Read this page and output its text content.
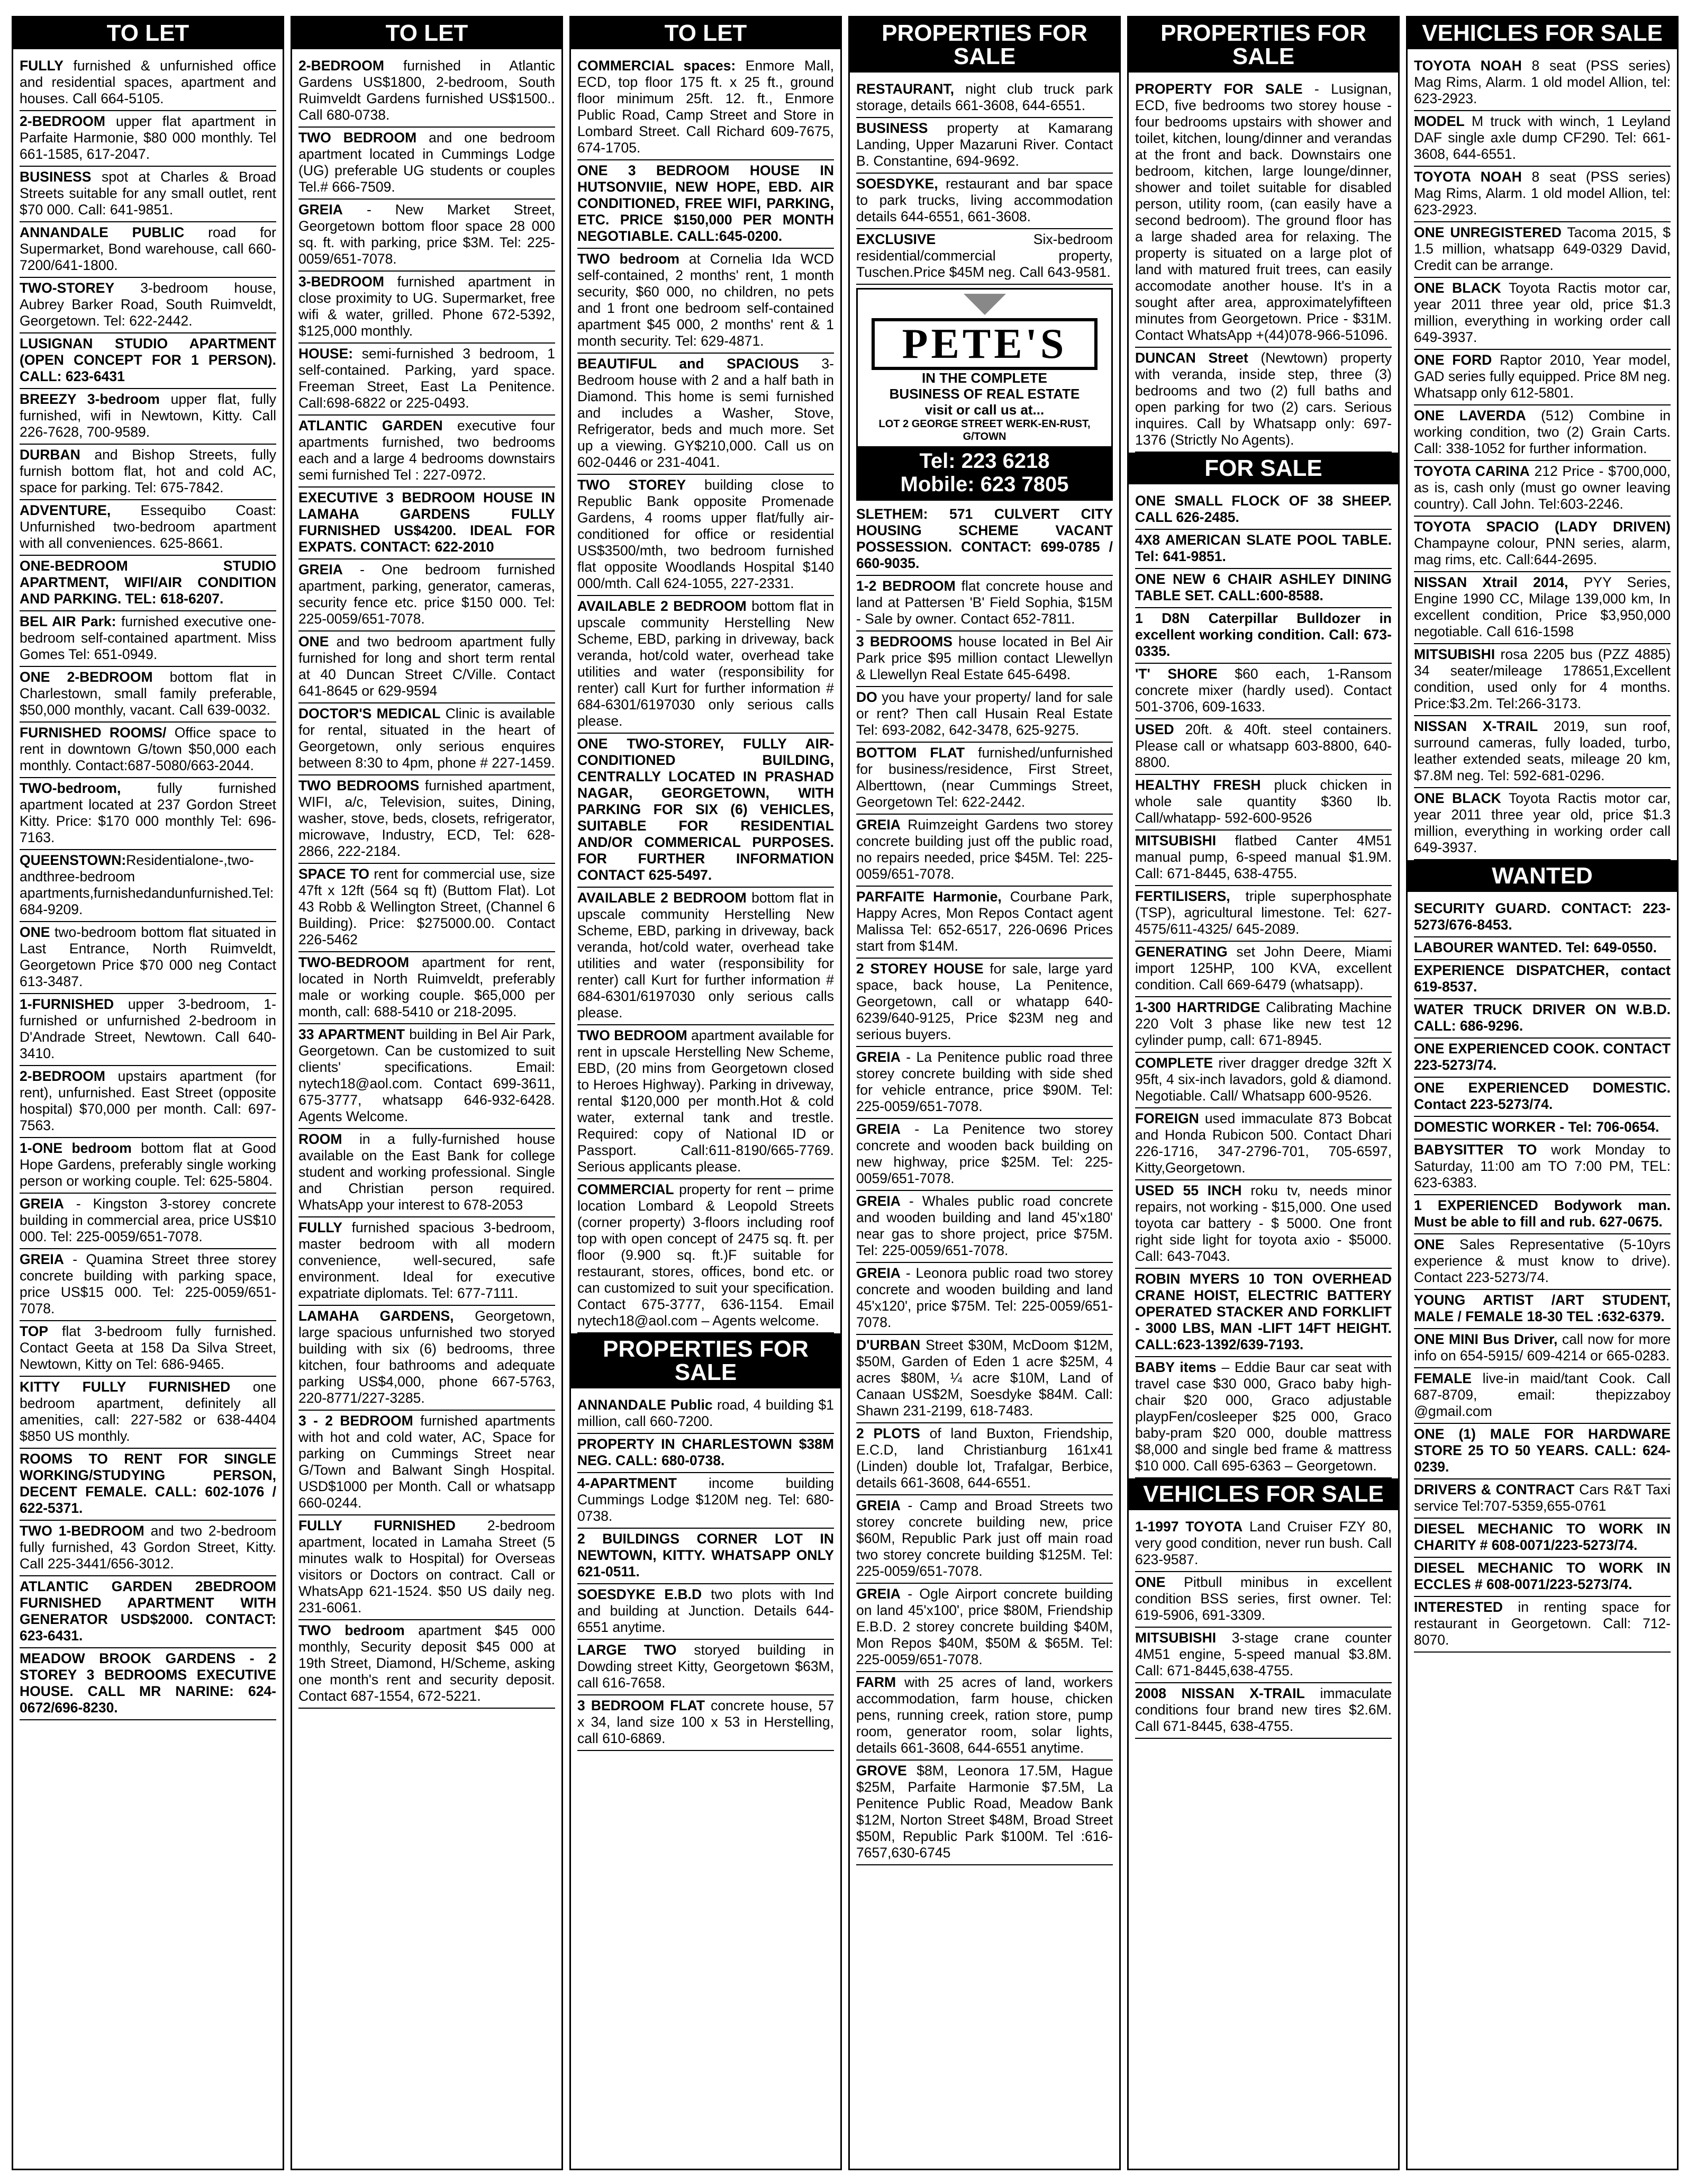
TO LET

FULLY furnished & unfurnished office and residential spaces, apartment and houses. Call 664-5105.

2-BEDROOM upper flat apartment in Parfaite Harmonie, $80 000 monthly. Tel 661-1585, 617-2047.

BUSINESS spot at Charles & Broad Streets suitable for any small outlet, rent $70 000. Call: 641-9851.

ANNANDALE PUBLIC road for Supermarket, Bond warehouse, call 660-7200/641-1800.

TWO-STOREY 3-bedroom house, Aubrey Barker Road, South Ruimveldt, Georgetown. Tel: 622-2442.

LUSIGNAN STUDIO APARTMENT (OPEN CONCEPT FOR 1 PERSON). CALL: 623-6431

BREEZY 3-bedroom upper flat, fully furnished, wifi in Newtown, Kitty. Call 226-7628, 700-9589.

DURBAN and Bishop Streets, fully furnish bottom flat, hot and cold AC, space for parking. Tel: 675-7842.

ADVENTURE, Essequibo Coast: Unfurnished two-bedroom apartment with all conveniences. 625-8661.

ONE-BEDROOM STUDIO APARTMENT, WIFI/AIR CONDITION AND PARKING. TEL: 618-6207.

BEL AIR Park: furnished executive one-bedroom self-contained apartment. Miss Gomes Tel: 651-0949.

ONE 2-BEDROOM bottom flat in Charlestown, small family preferable, $50,000 monthly, vacant. Call 639-0032.

FURNISHED ROOMS/ Office space to rent in downtown G/town $50,000 each monthly. Contact:687-5080/663-2044.

TWO-bedroom, fully furnished apartment located at 237 Gordon Street Kitty. Price: $170 000 monthly Tel: 696-7163.

QUEENSTOWN:Residentialone-,two-andthree-bedroom apartments,furnishedandunfurnished.Tel: 684-9209.

ONE two-bedroom bottom flat situated in Last Entrance, North Ruimveldt, Georgetown Price $70 000 neg Contact 613-3487.

1-FURNISHED upper 3-bedroom, 1-furnished or unfurnished 2-bedroom in D'Andrade Street, Newtown. Call 640-3410.

2-BEDROOM upstairs apartment (for rent), unfurnished. East Street (opposite hospital) $70,000 per month. Call: 697-7563.

1-ONE bedroom bottom flat at Good Hope Gardens, preferably single working person or working couple. Tel: 625-5804.

GREIA - Kingston 3-storey concrete building in commercial area, price US$10 000. Tel: 225-0059/651-7078.

GREIA - Quamina Street three storey concrete building with parking space, price US$15 000. Tel: 225-0059/651-7078.

TOP flat 3-bedroom fully furnished. Contact Geeta at 158 Da Silva Street, Newtown, Kitty on Tel: 686-9465.

KITTY FULLY FURNISHED one bedroom apartment, definitely all amenities, call: 227-582 or 638-4404 $850 US monthly.

ROOMS TO RENT FOR SINGLE WORKING/STUDYING PERSON, DECENT FEMALE. CALL: 602-1076 / 622-5371.

TWO 1-BEDROOM and two 2-bedroom fully furnished, 43 Gordon Street, Kitty. Call 225-3441/656-3012.

ATLANTIC GARDEN 2BEDROOM FURNISHED APARTMENT WITH GENERATOR USD$2000. CONTACT: 623-6431.

MEADOW BROOK GARDENS - 2 STOREY 3 BEDROOMS EXECUTIVE HOUSE. CALL MR NARINE: 624-0672/696-8230.

TO LET

2-BEDROOM furnished in Atlantic Gardens US$1800, 2-bedroom, South Ruimveldt Gardens furnished US$1500.. Call 680-0738.

TWO BEDROOM and one bedroom apartment located in Cummings Lodge (UG) preferable UG students or couples Tel.# 666-7509.

GREIA - New Market Street, Georgetown bottom floor space 28 000 sq. ft. with parking, price $3M. Tel: 225-0059/651-7078.

3-BEDROOM furnished apartment in close proximity to UG. Supermarket, free wifi & water, grilled. Phone 672-5392, $125,000 monthly.

HOUSE: semi-furnished 3 bedroom, 1 self-contained. Parking, yard space. Freeman Street, East La Penitence. Call:698-6822 or 225-0493.

ATLANTIC GARDEN executive four apartments furnished, two bedrooms each and a large 4 bedrooms downstairs semi furnished Tel : 227-0972.

EXECUTIVE 3 BEDROOM HOUSE IN LAMAHA GARDENS FULLY FURNISHED US$4200. IDEAL FOR EXPATS. CONTACT: 622-2010

GREIA - One bedroom furnished apartment, parking, generator, cameras, security fence etc. price $150 000. Tel: 225-0059/651-7078.

ONE and two bedroom apartment fully furnished for long and short term rental at 40 Duncan Street C/Ville. Contact 641-8645 or 629-9594

DOCTOR'S MEDICAL Clinic is available for rental, situated in the heart of Georgetown, only serious enquires between 8:30 to 4pm, phone # 227-1459.

TWO BEDROOMS furnished apartment, WIFI, a/c, Television, suites, Dining, washer, stove, beds, closets, refrigerator, microwave, Industry, ECD, Tel: 628-2866, 222-2184.

SPACE TO rent for commercial use, size 47ft x 12ft (564 sq ft) (Buttom Flat). Lot 43 Robb & Wellington Street, (Channel 6 Building). Price: $275000.00. Contact 226-5462

TWO-BEDROOM apartment for rent, located in North Ruimveldt, preferably male or working couple. $65,000 per month, call: 688-5410 or 218-2095.

33 APARTMENT building in Bel Air Park, Georgetown. Can be customized to suit clients' specifications. Email: nytech18@aol.com. Contact 699-3611, 675-3777, whatsapp 646-932-6428. Agents Welcome.

ROOM in a fully-furnished house available on the East Bank for college student and working professional. Single and Christian person required. WhatsApp your interest to 678-2053

FULLY furnished spacious 3-bedroom, master bedroom with all modern convenience, well-secured, safe environment. Ideal for executive expatriate diplomats. Tel: 677-7111.

LAMAHA GARDENS, Georgetown, large spacious unfurnished two storyed building with six (6) bedrooms, three kitchen, four bathrooms and adequate parking US$4,000, phone 667-5763, 220-8771/227-3285.

3 - 2 BEDROOM furnished apartments with hot and cold water, AC, Space for parking on Cummings Street near G/Town and Balwant Singh Hospital. USD$1000 per Month. Call or whatsapp 660-0244.

FULLY FURNISHED 2-bedroom apartment, located in Lamaha Street (5 minutes walk to Hospital) for Overseas visitors or Doctors on contract. Call or WhatsApp 621-1524. $50 US daily neg. 231-6061.

TWO bedroom apartment $45 000 monthly, Security deposit $45 000 at 19th Street, Diamond, H/Scheme, asking one month's rent and security deposit. Contact 687-1554, 672-5221.

TO LET

COMMERCIAL spaces: Enmore Mall, ECD, top floor 175 ft. x 25 ft., ground floor minimum 25ft. 12. ft., Enmore Public Road, Camp Street and Store in Lombard Street. Call Richard 609-7675, 674-1705.

ONE 3 BEDROOM HOUSE IN HUTSONVIIE, NEW HOPE, EBD. AIR CONDITIONED, FREE WIFI, PARKING, ETC. PRICE $150,000 PER MONTH NEGOTIABLE. CALL:645-0200.

TWO bedroom at Cornelia Ida WCD self-contained, 2 months' rent, 1 month security, $60 000, no children, no pets and 1 front one bedroom self-contained apartment $45 000, 2 months' rent & 1 month security. Tel: 629-4871.

BEAUTIFUL and SPACIOUS 3-Bedroom house with 2 and a half bath in Diamond. This home is semi furnished and includes a Washer, Stove, Refrigerator, beds and much more. Set up a viewing. GY$210,000. Call us on 602-0446 or 231-4041.

TWO STOREY building close to Republic Bank opposite Promenade Gardens, 4 rooms upper flat/fully air-conditioned for office or residential US$3500/mth, two bedroom furnished flat opposite Woodlands Hospital $140 000/mth. Call 624-1055, 227-2331.

AVAILABLE 2 BEDROOM bottom flat in upscale community Herstelling New Scheme, EBD, parking in driveway, back veranda, hot/cold water, overhead take utilities and water (responsibility for renter) call Kurt for further information # 684-6301/6197030 only serious calls please.

ONE TWO-STOREY, FULLY AIR-CONDITIONED BUILDING, CENTRALLY LOCATED IN PRASHAD NAGAR, GEORGETOWN, WITH PARKING FOR SIX (6) VEHICLES, SUITABLE FOR RESIDENTIAL AND/OR COMMERICAL PURPOSES. FOR FURTHER INFORMATION CONTACT 625-5497.

AVAILABLE 2 BEDROOM bottom flat in upscale community Herstelling New Scheme, EBD, parking in driveway, back veranda, hot/cold water, overhead take utilities and water (responsibility for renter) call Kurt for further information # 684-6301/6197030 only serious calls please.

TWO BEDROOM apartment available for rent in upscale Herstelling New Scheme, EBD, (20 mins from Georgetown closed to Heroes Highway). Parking in driveway, rental $120,000 per month.Hot & cold water, external tank and trestle. Required: copy of National ID or Passport. Call:611-8190/665-7769. Serious applicants please.

COMMERCIAL property for rent – prime location Lombard & Leopold Streets (corner property) 3-floors including roof top with open concept of 2475 sq. ft. per floor (9.900 sq. ft.)F suitable for restaurant, stores, offices, bond etc. or can customized to suit your specification. Contact 675-3777, 636-1154. Email nytech18@aol.com – Agents welcome.

PROPERTIES FOR SALE

ANNANDALE Public road, 4 building $1 million, call 660-7200.

PROPERTY IN CHARLESTOWN $38M NEG. CALL: 680-0738.

4-APARTMENT income building Cummings Lodge $120M neg. Tel: 680-0738.

2 BUILDINGS CORNER LOT IN NEWTOWN, KITTY. WHATSAPP ONLY 621-0511.

SOESDYKE E.B.D two plots with Ind and building at Junction. Details 644-6551 anytime.

LARGE TWO storyed building in Dowding street Kitty, Georgetown $63M, call 616-7658.

3 BEDROOM FLAT concrete house, 57 x 34, land size 100 x 53 in Herstelling, call 610-6869.

PROPERTIES FOR SALE

RESTAURANT, night club truck park storage, details 661-3608, 644-6551.

BUSINESS property at Kamarang Landing, Upper Mazaruni River. Contact B. Constantine, 694-9692.

SOESDYKE, restaurant and bar space to park trucks, living accommodation details 644-6551, 661-3608.

EXCLUSIVE Six-bedroom residential/commercial property, Tuschen.Price $45M neg. Call 643-9581.

PETE'S
IN THE COMPLETE
BUSINESS OF REAL ESTATE
visit or call us at...
LOT 2 GEORGE STREET WERK-EN-RUST, G/TOWN
Tel: 223 6218
Mobile: 623 7805

SLETHEM: 571 CULVERT CITY HOUSING SCHEME VACANT POSSESSION. CONTACT: 699-0785 / 660-9035.

1-2 BEDROOM flat concrete house and land at Pattersen 'B' Field Sophia, $15M - Sale by owner. Contact 652-7811.

3 BEDROOMS house located in Bel Air Park price $95 million contact Llewellyn & Llewellyn Real Estate 645-6498.

DO you have your property/ land for sale or rent? Then call Husain Real Estate Tel: 693-2082, 642-3478, 625-9275.

BOTTOM FLAT furnished/unfurnished for business/residence, First Street, Alberttown, (near Cummings Street, Georgetown Tel: 622-2442.

GREIA Ruimzeight Gardens two storey concrete building just off the public road, no repairs needed, price $45M. Tel: 225-0059/651-7078.

PARFAITE Harmonie, Courbane Park, Happy Acres, Mon Repos Contact agent Malissa Tel: 652-6517, 226-0696 Prices start from $14M.

2 STOREY HOUSE for sale, large yard space, back house, La Penitence, Georgetown, call or whatapp 640-6239/640-9125, Price $23M neg and serious buyers.

GREIA - La Penitence public road three storey concrete building with side shed for vehicle entrance, price $90M. Tel: 225-0059/651-7078.

GREIA - La Penitence two storey concrete and wooden back building on new highway, price $25M. Tel: 225-0059/651-7078.

GREIA - Whales public road concrete and wooden building and land 45'x180' near gas to shore project, price $75M. Tel: 225-0059/651-7078.

GREIA - Leonora public road two storey concrete and wooden building and land 45'x120', price $75M. Tel: 225-0059/651-7078.

D'URBAN Street $30M, McDoom $12M, $50M, Garden of Eden 1 acre $25M, 4 acres $80M, ¼ acre $10M, Land of Canaan US$2M, Soesdyke $84M. Call: Shawn 231-2199, 618-7483.

2 PLOTS of land Buxton, Friendship, E.C.D, land Christianburg 161x41 (Linden) double lot, Trafalgar, Berbice, details 661-3608, 644-6551.

GREIA - Camp and Broad Streets two storey concrete building new, price $60M, Republic Park just off main road two storey concrete building $125M. Tel: 225-0059/651-7078.

GREIA - Ogle Airport concrete building on land 45'x100', price $80M, Friendship E.B.D. 2 storey concrete building $40M, Mon Repos $40M, $50M & $65M. Tel: 225-0059/651-7078.

FARM with 25 acres of land, workers accommodation, farm house, chicken pens, running creek, ration store, pump room, generator room, solar lights, details 661-3608, 644-6551 anytime.

GROVE $8M, Leonora 17.5M, Hague $25M, Parfaite Harmonie $7.5M, La Penitence Public Road, Meadow Bank $12M, Norton Street $48M, Broad Street $50M, Republic Park $100M. Tel :616-7657,630-6745

PROPERTIES FOR SALE

PROPERTY FOR SALE - Lusignan, ECD, five bedrooms two storey house - four bedrooms upstairs with shower and toilet, kitchen, loung/dinner and verandas at the front and back. Downstairs one bedroom, kitchen, large lounge/dinner, shower and toilet suitable for disabled person, utility room, (can easily have a second bedroom). The ground floor has a large shaded area for relaxing. The property is situated on a large plot of land with matured fruit trees, can easily accomodate another house. It's in a sought after area, approximatelyfifteen minutes from Georgetown. Price - $31M. Contact WhatsApp +(44)078-966-51096.

DUNCAN Street (Newtown) property with veranda, inside step, three (3) bedrooms and two (2) full baths and open parking for two (2) cars. Serious inquires. Call by Whatsapp only: 697-1376 (Strictly No Agents).

FOR SALE

ONE SMALL FLOCK OF 38 SHEEP. CALL 626-2485.

4X8 AMERICAN SLATE POOL TABLE. Tel: 641-9851.

ONE NEW 6 CHAIR ASHLEY DINING TABLE SET. CALL:600-8588.

1 D8N Caterpillar Bulldozer in excellent working condition. Call: 673-0335.

'T' SHORE $60 each, 1-Ransom concrete mixer (hardly used). Contact 501-3706, 609-1633.

USED 20ft. & 40ft. steel containers. Please call or whatsapp 603-8800, 640-8800.

HEALTHY FRESH pluck chicken in whole sale quantity $360 lb. Call/whatapp- 592-600-9526

MITSUBISHI flatbed Canter 4M51 manual pump, 6-speed manual $1.9M. Call: 671-8445, 638-4755.

FERTILISERS, triple superphosphate (TSP), agricultural limestone. Tel: 627-4575/611-4325/ 645-2089.

GENERATING set John Deere, Miami import 125HP, 100 KVA, excellent condition. Call 669-6479 (whatsapp).

1-300 HARTRIDGE Calibrating Machine 220 Volt 3 phase like new test 12 cylinder pump, call: 671-8945.

COMPLETE river dragger dredge 32ft X 95ft, 4 six-inch lavadors, gold & diamond. Negotiable. Call/ Whatsapp 600-9526.

FOREIGN used immaculate 873 Bobcat and Honda Rubicon 500. Contact Dhari 226-1716, 347-2796-701, 705-6597, Kitty,Georgetown.

USED 55 INCH roku tv, needs minor repairs, not working - $15,000. One used toyota car battery - $ 5000. One front right side light for toyota axio - $5000. Call: 643-7043.

ROBIN MYERS 10 TON OVERHEAD CRANE HOIST, ELECTRIC BATTERY OPERATED STACKER AND FORKLIFT - 3000 LBS, MAN -LIFT 14FT HEIGHT. CALL:623-1392/639-7193.

BABY items – Eddie Baur car seat with travel case $30 000, Graco baby high-chair $20 000, Graco adjustable playpFen/cosleeper $25 000, Graco baby-pram $20 000, double mattress $8,000 and single bed frame & mattress $10 000. Call 695-6363 – Georgetown.

VEHICLES FOR SALE

1-1997 TOYOTA Land Cruiser FZY 80, very good condition, never run bush. Call 623-9587.

ONE Pitbull minibus in excellent condition BSS series, first owner. Tel: 619-5906, 691-3309.

MITSUBISHI 3-stage crane counter 4M51 engine, 5-speed manual $3.8M. Call: 671-8445,638-4755.

2008 NISSAN X-TRAIL immaculate conditions four brand new tires $2.6M. Call 671-8445, 638-4755.

VEHICLES FOR SALE

TOYOTA NOAH 8 seat (PSS series) Mag Rims, Alarm. 1 old model Allion, tel: 623-2923.

MODEL M truck with winch, 1 Leyland DAF single axle dump CF290. Tel: 661-3608, 644-6551.

TOYOTA NOAH 8 seat (PSS series) Mag Rims, Alarm. 1 old model Allion, tel: 623-2923.

ONE UNREGISTERED Tacoma 2015, $ 1.5 million, whatsapp 649-0329 David, Credit can be arrange.

ONE BLACK Toyota Ractis motor car, year 2011 three year old, price $1.3 million, everything in working order call 649-3937.

ONE FORD Raptor 2010, Year model, GAD series fully equipped. Price 8M neg. Whatsapp only 612-5801.

ONE LAVERDA (512) Combine in working condition, two (2) Grain Carts. Call: 338-1052 for further information.

TOYOTA CARINA 212 Price - $700,000, as is, cash only (must go owner leaving country). Call John. Tel:603-2246.

TOYOTA SPACIO (LADY DRIVEN) Champayne colour, PNN series, alarm, mag rims, etc. Call:644-2695.

NISSAN Xtrail 2014, PYY Series, Engine 1990 CC, Milage 139,000 km, In excellent condition, Price $3,950,000 negotiable. Call 616-1598

MITSUBISHI rosa 2205 bus (PZZ 4885) 34 seater/mileage 178651,Excellent condition, used only for 4 months. Price:$3.2m. Tel:266-3173.

NISSAN X-TRAIL 2019, sun roof, surround cameras, fully loaded, turbo, leather extended seats, mileage 20 km, $7.8M neg. Tel: 592-681-0296.

ONE BLACK Toyota Ractis motor car, year 2011 three year old, price $1.3 million, everything in working order call 649-3937.

WANTED

SECURITY GUARD. CONTACT: 223-5273/676-8453.

LABOURER WANTED. Tel: 649-0550.

EXPERIENCE DISPATCHER, contact 619-8537.

WATER TRUCK DRIVER ON W.B.D. CALL: 686-9296.

ONE EXPERIENCED COOK. CONTACT 223-5273/74.

ONE EXPERIENCED DOMESTIC. Contact 223-5273/74.

DOMESTIC WORKER - Tel: 706-0654.

BABYSITTER TO work Monday to Saturday, 11:00 am TO 7:00 PM, TEL: 623-6383.

1 EXPERIENCED Bodywork man. Must be able to fill and rub. 627-0675.

ONE Sales Representative (5-10yrs experience & must know to drive). Contact 223-5273/74.

YOUNG ARTIST /ART STUDENT, MALE / FEMALE 18-30 TEL :632-6379.

ONE MINI Bus Driver, call now for more info on 654-5915/ 609-4214 or 665-0283.

FEMALE live-in maid/tant Cook. Call 687-8709, email: thepizzaboy @gmail.com

ONE (1) MALE FOR HARDWARE STORE 25 TO 50 YEARS. CALL: 624-0239.

DRIVERS & CONTRACT Cars R&T Taxi service Tel:707-5359,655-0761

DIESEL MECHANIC TO WORK IN CHARITY # 608-0071/223-5273/74.

DIESEL MECHANIC TO WORK IN ECCLES # 608-0071/223-5273/74.

INTERESTED in renting space for restaurant in Georgetown. Call: 712-8070.
